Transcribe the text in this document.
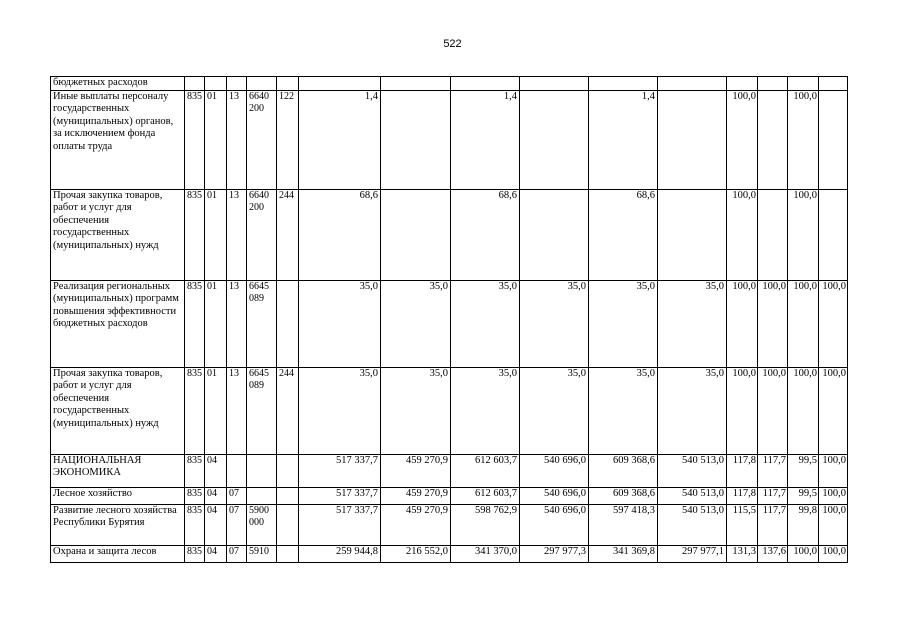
522
бюджетных расходов															
Иные выплаты персоналу государственных (муниципальных) органов, за исключением фонда оплаты труда	835	01	13	6640 200	122	1,4		1,4		1,4		100,0		100,0	
Прочая закупка товаров, работ и услуг для обеспечения государственных (муниципальных) нужд	835	01	13	6640 200	244	68,6		68,6		68,6		100,0		100,0	
Реализация региональных (муниципальных) программ повышения эффективности бюджетных расходов	835	01	13	6645 089		35,0	35,0	35,0	35,0	35,0	35,0	100,0	100,0	100,0	100,0
Прочая закупка товаров, работ и услуг для обеспечения государственных (муниципальных) нужд	835	01	13	6645 089	244	35,0	35,0	35,0	35,0	35,0	35,0	100,0	100,0	100,0	100,0
НАЦИОНАЛЬНАЯ ЭКОНОМИКА	835	04				517 337,7	459 270,9	612 603,7	540 696,0	609 368,6	540 513,0	117,8	117,7	99,5	100,0
Лесное хозяйство	835	04	07			517 337,7	459 270,9	612 603,7	540 696,0	609 368,6	540 513,0	117,8	117,7	99,5	100,0
Развитие лесного хозяйства Республики Бурятия	835	04	07	5900 000		517 337,7	459 270,9	598 762,9	540 696,0	597 418,3	540 513,0	115,5	117,7	99,8	100,0
Охрана и защита лесов	835	04	07	5910		259 944,8	216 552,0	341 370,0	297 977,3	341 369,8	297 977,1	131,3	137,6	100,0	100,0
